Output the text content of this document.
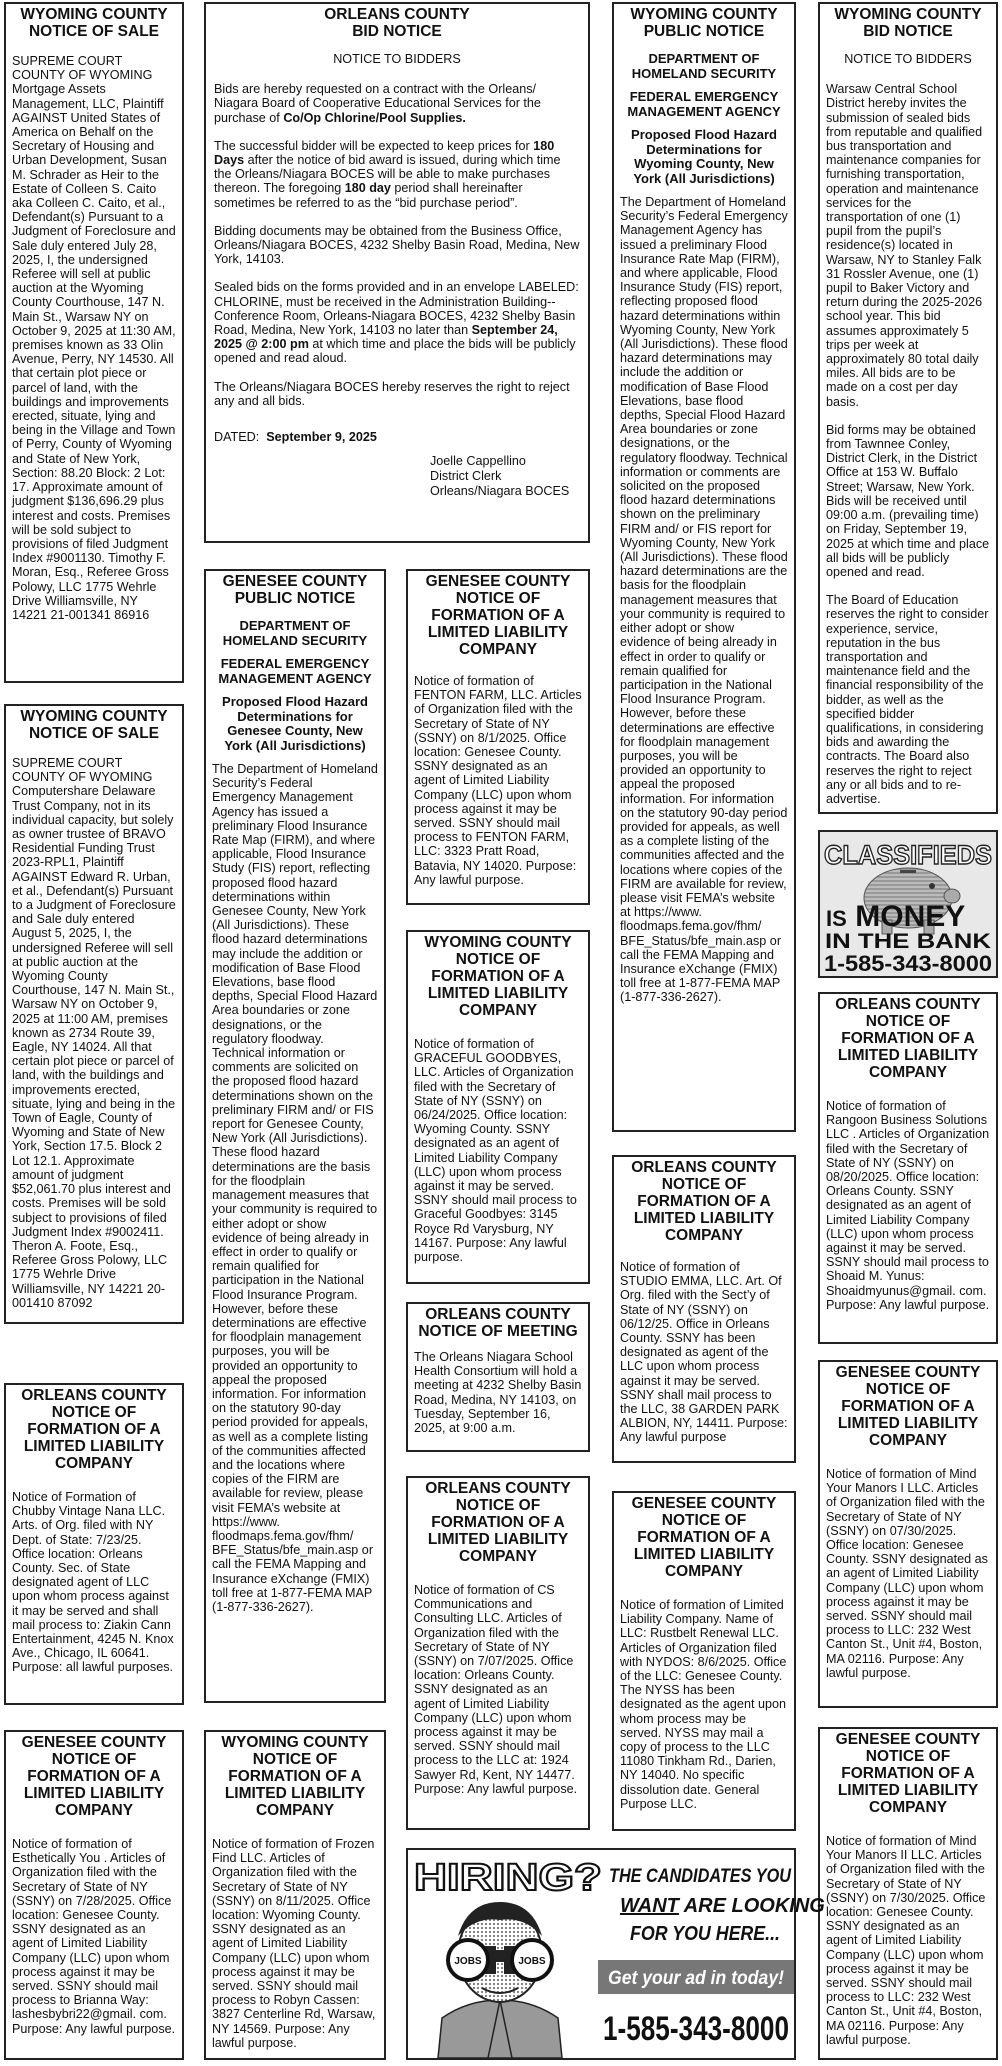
WYOMING COUNTY
NOTICE OF SALE
SUPREME COURT COUNTY OF WYOMING Mortgage Assets Management, LLC, Plaintiff AGAINST United States of America on Behalf on the Secretary of Housing and Urban Development, Susan M. Schrader as Heir to the Estate of Colleen S. Caito aka Colleen C. Caito, et al., Defendant(s) Pursuant to a Judgment of Foreclosure and Sale duly entered July 28, 2025, I, the undersigned Referee will sell at public auction at the Wyoming County Courthouse, 147 N. Main St., Warsaw NY on October 9, 2025 at 11:30 AM, premises known as 33 Olin Avenue, Perry, NY 14530. All that certain plot piece or parcel of land, with the buildings and improvements erected, situate, lying and being in the Village and Town of Perry, County of Wyoming and State of New York, Section: 88.20 Block: 2 Lot: 17. Approximate amount of judgment $136,696.29 plus interest and costs. Premises will be sold subject to provisions of filed Judgment Index #9001130. Timothy F. Moran, Esq., Referee Gross Polowy, LLC 1775 Wehrle Drive Williamsville, NY 14221 21-001341 86916
WYOMING COUNTY
NOTICE OF SALE
SUPREME COURT COUNTY OF WYOMING Computershare Delaware Trust Company, not in its individual capacity, but solely as owner trustee of BRAVO Residential Funding Trust 2023-RPL1, Plaintiff AGAINST Edward R. Urban, et al., Defendant(s) Pursuant to a Judgment of Foreclosure and Sale duly entered August 5, 2025, I, the undersigned Referee will sell at public auction at the Wyoming County Courthouse, 147 N. Main St., Warsaw NY on October 9, 2025 at 11:00 AM, premises known as 2734 Route 39, Eagle, NY 14024. All that certain plot piece or parcel of land, with the buildings and improvements erected, situate, lying and being in the Town of Eagle, County of Wyoming and State of New York, Section 17.5. Block 2 Lot 12.1. Approximate amount of judgment $52,061.70 plus interest and costs. Premises will be sold subject to provisions of filed Judgment Index #9002411. Theron A. Foote, Esq., Referee Gross Polowy, LLC 1775 Wehrle Drive Williamsville, NY 14221 20-001410 87092
ORLEANS COUNTY
NOTICE OF
FORMATION OF A
LIMITED LIABILITY
COMPANY
Notice of Formation of Chubby Vintage Nana LLC. Arts. of Org. filed with NY Dept. of State: 7/23/25. Office location: Orleans County. Sec. of State designated agent of LLC upon whom process against it may be served and shall mail process to: Ziakin Cann Entertainment, 4245 N. Knox Ave., Chicago, IL 60641. Purpose: all lawful purposes.
GENESEE COUNTY
NOTICE OF
FORMATION OF A
LIMITED LIABILITY
COMPANY
Notice of formation of Esthetically You . Articles of Organization filed with the Secretary of State of NY (SSNY) on 7/28/2025. Office location: Genesee County. SSNY designated as an agent of Limited Liability Company (LLC) upon whom process against it may be served. SSNY should mail process to Brianna Way: lashesbybri22@gmail. com. Purpose: Any lawful purpose.
ORLEANS COUNTY
BID NOTICE

NOTICE TO BIDDERS

Bids are hereby requested on a contract with the Orleans/ Niagara Board of Cooperative Educational Services for the purchase of Co/Op Chlorine/Pool Supplies.

The successful bidder will be expected to keep prices for 180 Days after the notice of bid award is issued, during which time the Orleans/Niagara BOCES will be able to make purchases thereon. The foregoing 180 day period shall hereinafter sometimes be referred to as the “bid purchase period”.

Bidding documents may be obtained from the Business Office, Orleans/Niagara BOCES, 4232 Shelby Basin Road, Medina, New York, 14103.

Sealed bids on the forms provided and in an envelope LABELED: CHLORINE, must be received in the Administration Building--Conference Room, Orleans-Niagara BOCES, 4232 Shelby Basin Road, Medina, New York, 14103 no later than September 24, 2025 @ 2:00 pm at which time and place the bids will be publicly opened and read aloud.

The Orleans/Niagara BOCES hereby reserves the right to reject any and all bids.

DATED: September 9, 2025

Joelle Cappellino
District Clerk
Orleans/Niagara BOCES
GENESEE COUNTY
PUBLIC NOTICE
DEPARTMENT OF
HOMELAND SECURITY
FEDERAL EMERGENCY
MANAGEMENT AGENCY
Proposed Flood Hazard
Determinations for
Genesee County, New
York (All Jurisdictions)
The Department of Homeland Security’s Federal Emergency Management Agency has issued a preliminary Flood Insurance Rate Map (FIRM), and where applicable, Flood Insurance Study (FIS) report, reflecting proposed flood hazard determinations within Genesee County, New York (All Jurisdictions). These flood hazard determinations may include the addition or modification of Base Flood Elevations, base flood depths, Special Flood Hazard Area boundaries or zone designations, or the regulatory floodway. Technical information or comments are solicited on the proposed flood hazard determinations shown on the preliminary FIRM and/ or FIS report for Genesee County, New York (All Jurisdictions). These flood hazard determinations are the basis for the floodplain management measures that your community is required to either adopt or show evidence of being already in effect in order to qualify or remain qualified for participation in the National Flood Insurance Program. However, before these determinations are effective for floodplain management purposes, you will be provided an opportunity to appeal the proposed information. For information on the statutory 90-day period provided for appeals, as well as a complete listing of the communities affected and the locations where copies of the FIRM are available for review, please visit FEMA’s website at https://www. floodmaps.fema.gov/fhm/ BFE_Status/bfe_main.asp or call the FEMA Mapping and Insurance eXchange (FMIX) toll free at 1-877-FEMA MAP (1-877-336-2627).
WYOMING COUNTY
NOTICE OF
FORMATION OF A
LIMITED LIABILITY
COMPANY
Notice of formation of Frozen Find LLC. Articles of Organization filed with the Secretary of State of NY (SSNY) on 8/11/2025. Office location: Wyoming County. SSNY designated as an agent of Limited Liability Company (LLC) upon whom process against it may be served. SSNY should mail process to Robyn Cassen: 3827 Centerline Rd, Warsaw, NY 14569. Purpose: Any lawful purpose.
GENESEE COUNTY
NOTICE OF
FORMATION OF A
LIMITED LIABILITY
COMPANY
Notice of formation of FENTON FARM, LLC. Articles of Organization filed with the Secretary of State of NY (SSNY) on 8/1/2025. Office location: Genesee County. SSNY designated as an agent of Limited Liability Company (LLC) upon whom process against it may be served. SSNY should mail process to FENTON FARM, LLC: 3323 Pratt Road, Batavia, NY 14020. Purpose: Any lawful purpose.
WYOMING COUNTY
NOTICE OF
FORMATION OF A
LIMITED LIABILITY
COMPANY
Notice of formation of GRACEFUL GOODBYES, LLC. Articles of Organization filed with the Secretary of State of NY (SSNY) on 06/24/2025. Office location: Wyoming County. SSNY designated as an agent of Limited Liability Company (LLC) upon whom process against it may be served. SSNY should mail process to Graceful Goodbyes: 3145 Royce Rd Varysburg, NY 14167. Purpose: Any lawful purpose.
ORLEANS COUNTY
NOTICE OF MEETING
The Orleans Niagara School Health Consortium will hold a meeting at 4232 Shelby Basin Road, Medina, NY 14103, on Tuesday, September 16, 2025, at 9:00 a.m.
ORLEANS COUNTY
NOTICE OF
FORMATION OF A
LIMITED LIABILITY
COMPANY
Notice of formation of CS Communications and Consulting LLC. Articles of Organization filed with the Secretary of State of NY (SSNY) on 7/07/2025. Office location: Orleans County. SSNY designated as an agent of Limited Liability Company (LLC) upon whom process against it may be served. SSNY should mail process to the LLC at: 1924 Sawyer Rd, Kent, NY 14477. Purpose: Any lawful purpose.
WYOMING COUNTY
PUBLIC NOTICE
DEPARTMENT OF
HOMELAND SECURITY
FEDERAL EMERGENCY
MANAGEMENT AGENCY
Proposed Flood Hazard
Determinations for
Wyoming County, New
York (All Jurisdictions)
The Department of Homeland Security’s Federal Emergency Management Agency has issued a preliminary Flood Insurance Rate Map (FIRM), and where applicable, Flood Insurance Study (FIS) report, reflecting proposed flood hazard determinations within Wyoming County, New York (All Jurisdictions). These flood hazard determinations may include the addition or modification of Base Flood Elevations, base flood depths, Special Flood Hazard Area boundaries or zone designations, or the regulatory floodway. Technical information or comments are solicited on the proposed flood hazard determinations shown on the preliminary FIRM and/ or FIS report for Wyoming County, New York (All Jurisdictions). These flood hazard determinations are the basis for the floodplain management measures that your community is required to either adopt or show evidence of being already in effect in order to qualify or remain qualified for participation in the National Flood Insurance Program. However, before these determinations are effective for floodplain management purposes, you will be provided an opportunity to appeal the proposed information. For information on the statutory 90-day period provided for appeals, as well as a complete listing of the communities affected and the locations where copies of the FIRM are available for review, please visit FEMA’s website at https://www. floodmaps.fema.gov/fhm/ BFE_Status/bfe_main.asp or call the FEMA Mapping and Insurance eXchange (FMIX) toll free at 1-877-FEMA MAP (1-877-336-2627).
ORLEANS COUNTY
NOTICE OF
FORMATION OF A
LIMITED LIABILITY
COMPANY
Notice of formation of STUDIO EMMA, LLC. Art. Of Org. filed with the Sect’y of State of NY (SSNY) on 06/12/25. Office in Orleans County. SSNY has been designated as agent of the LLC upon whom process against it may be served. SSNY shall mail process to the LLC, 38 GARDEN PARK ALBION, NY, 14411. Purpose: Any lawful purpose
GENESEE COUNTY
NOTICE OF
FORMATION OF A
LIMITED LIABILITY
COMPANY
Notice of formation of Limited Liability Company. Name of LLC: Rustbelt Renewal LLC. Articles of Organization filed with NYDOS: 8/6/2025. Office of the LLC: Genesee County. The NYSS has been designated as the agent upon whom process may be served. NYSS may mail a copy of process to the LLC 11080 Tinkham Rd., Darien, NY 14040. No specific dissolution date. General Purpose LLC.
WYOMING COUNTY
BID NOTICE

NOTICE TO BIDDERS

Warsaw Central School District hereby invites the submission of sealed bids from reputable and qualified bus transportation and maintenance companies for furnishing transportation, operation and maintenance services for the transportation of one (1) pupil from the pupil’s residence(s) located in Warsaw, NY to Stanley Falk 31 Rossler Avenue, one (1) pupil to Baker Victory and return during the 2025-2026 school year. This bid assumes approximately 5 trips per week at approximately 80 total daily miles. All bids are to be made on a cost per day basis.

Bid forms may be obtained from Tawnnee Conley, District Clerk, in the District Office at 153 W. Buffalo Street; Warsaw, New York. Bids will be received until 09:00 a.m. (prevailing time) on Friday, September 19, 2025 at which time and place all bids will be publicly opened and read.

The Board of Education reserves the right to consider experience, service, reputation in the bus transportation and maintenance field and the financial responsibility of the bidder, as well as the specified bidder qualifications, in considering bids and awarding the contracts. The Board also reserves the right to reject any or all bids and to re-advertise.

CLASSIFIEDS
IS MONEY
IN THE BANK
1-585-343-8000
ORLEANS COUNTY
NOTICE OF
FORMATION OF A
LIMITED LIABILITY
COMPANY
Notice of formation of Rangoon Business Solutions LLC . Articles of Organization filed with the Secretary of State of NY (SSNY) on 08/20/2025. Office location: Orleans County. SSNY designated as an agent of Limited Liability Company (LLC) upon whom process against it may be served. SSNY should mail process to Shoaid M. Yunus: Shoaidmyunus@gmail. com. Purpose: Any lawful purpose.
GENESEE COUNTY
NOTICE OF
FORMATION OF A
LIMITED LIABILITY
COMPANY
Notice of formation of Mind Your Manors I LLC. Articles of Organization filed with the Secretary of State of NY (SSNY) on 07/30/2025. Office location: Genesee County. SSNY designated as an agent of Limited Liability Company (LLC) upon whom process against it may be served. SSNY should mail process to LLC: 232 West Canton St., Unit #4, Boston, MA 02116. Purpose: Any lawful purpose.
GENESEE COUNTY
NOTICE OF
FORMATION OF A
LIMITED LIABILITY
COMPANY
Notice of formation of Mind Your Manors II LLC. Articles of Organization filed with the Secretary of State of NY (SSNY) on 7/30/2025. Office location: Genesee County. SSNY designated as an agent of Limited Liability Company (LLC) upon whom process against it may be served. SSNY should mail process to LLC: 232 West Canton St., Unit #4, Boston, MA 02116. Purpose: Any lawful purpose.
JOBS	JOBS
HIRING? THE CANDIDATES YOU
WANT ARE LOOKING
FOR YOU HERE...
Get your ad in today!
1-585-343-8000
